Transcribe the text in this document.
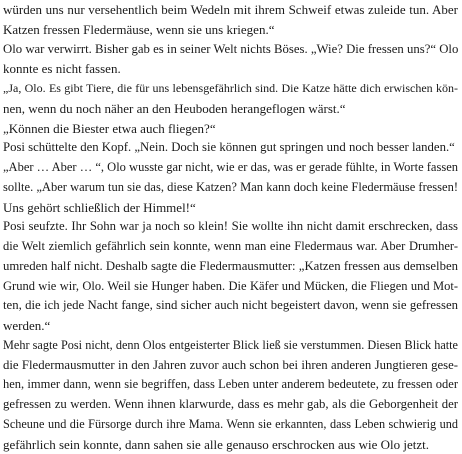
würden uns nur versehentlich beim Wedeln mit ihrem Schweif etwas zuleide tun. Aber
Katzen fressen Fledermäuse, wenn sie uns kriegen.“
Olo war verwirrt. Bisher gab es in seiner Welt nichts Böses. „Wie? Die fressen uns?“ Olo
konnte es nicht fassen.
„Ja, Olo. Es gibt Tiere, die für uns lebensgefährlich sind. Die Katze hätte dich erwischen kön-
nen, wenn du noch näher an den Heuboden herangeflogen wärst.“
„Können die Biester etwa auch fliegen?“
Posi schüttelte den Kopf. „Nein. Doch sie können gut springen und noch besser landen.“
„Aber … Aber … “, Olo wusste gar nicht, wie er das, was er gerade fühlte, in Worte fassen
sollte. „Aber warum tun sie das, diese Katzen? Man kann doch keine Fledermäuse fressen!
Uns gehört schließlich der Himmel!“
Posi seufzte. Ihr Sohn war ja noch so klein! Sie wollte ihn nicht damit erschrecken, dass
die Welt ziemlich gefährlich sein konnte, wenn man eine Fledermaus war. Aber Drumher-
umreden half nicht. Deshalb sagte die Fledermausmutter: „Katzen fressen aus demselben
Grund wie wir, Olo. Weil sie Hunger haben. Die Käfer und Mücken, die Fliegen und Mot-
ten, die ich jede Nacht fange, sind sicher auch nicht begeistert davon, wenn sie gefressen
werden.“
Mehr sagte Posi nicht, denn Olos entgeisterter Blick ließ sie verstummen. Diesen Blick hatte
die Fledermausmutter in den Jahren zuvor auch schon bei ihren anderen Jungtieren gese-
hen, immer dann, wenn sie begriffen, dass Leben unter anderem bedeutete, zu fressen oder
gefressen zu werden. Wenn ihnen klarwurde, dass es mehr gab, als die Geborgenheit der
Scheune und die Fürsorge durch ihre Mama. Wenn sie erkannten, dass Leben schwierig und
gefährlich sein konnte, dann sahen sie alle genauso erschrocken aus wie Olo jetzt.
